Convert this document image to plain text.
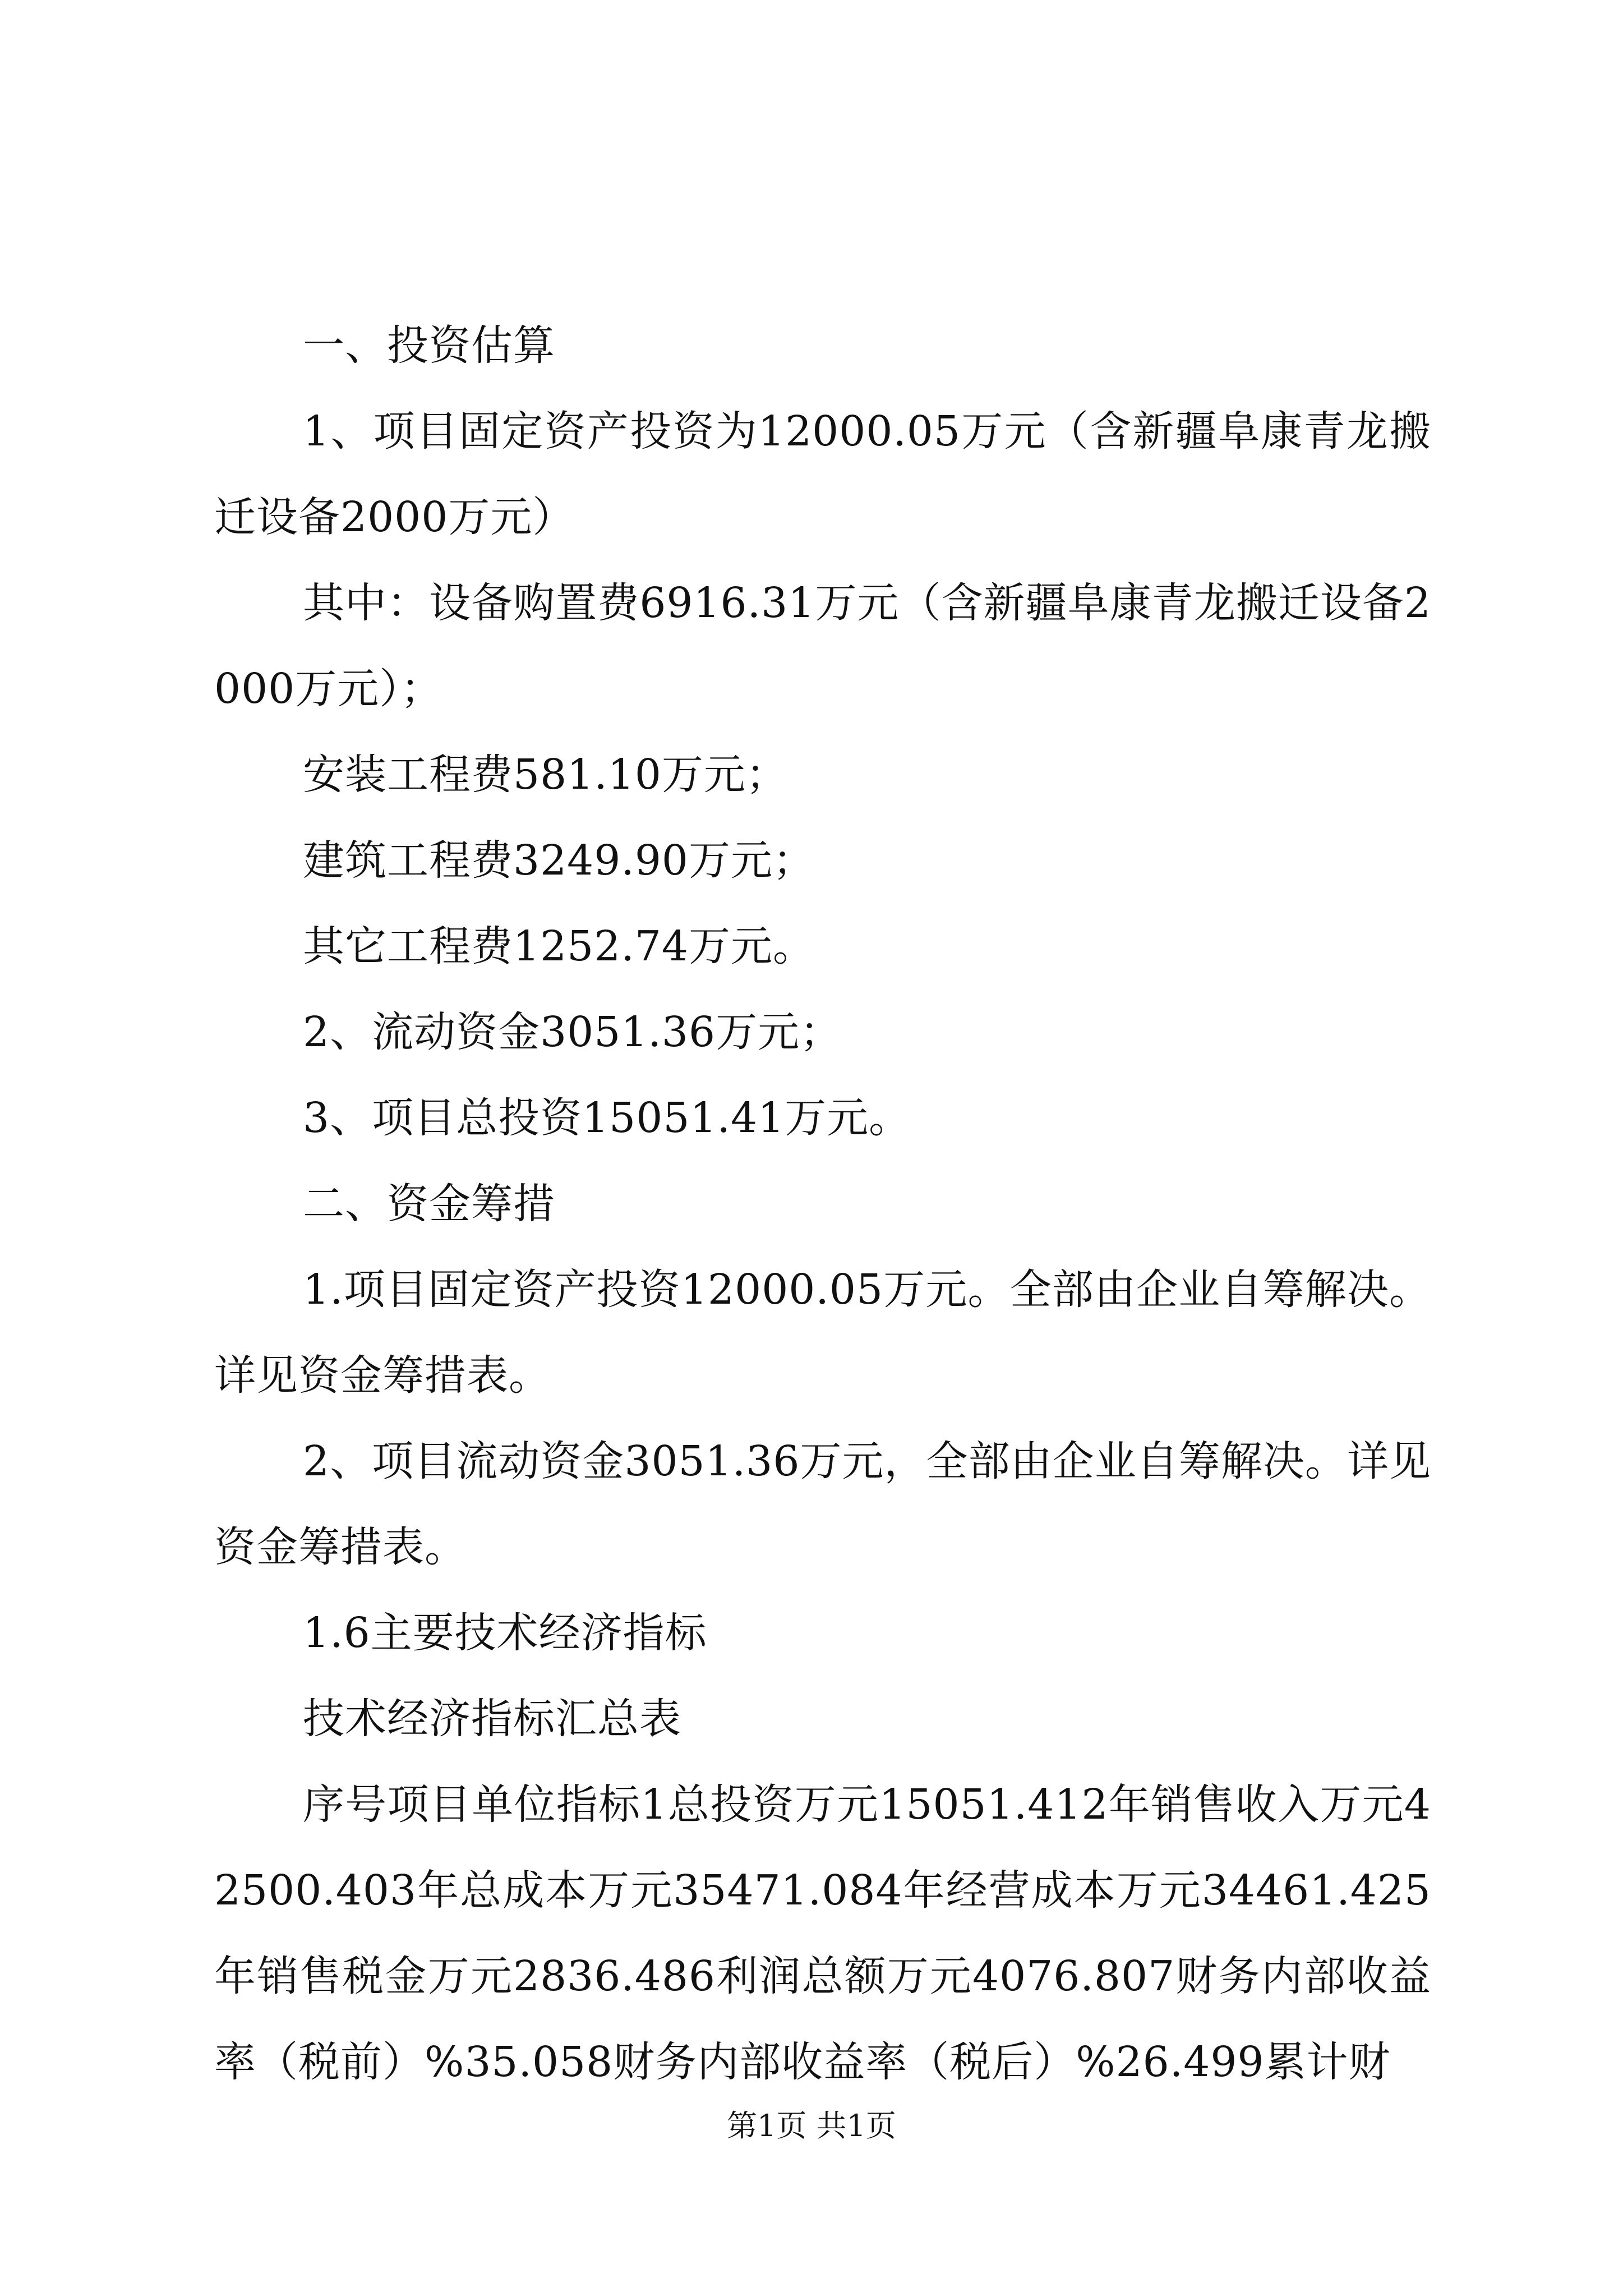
一、投资估算

1、项目固定资产投资为12000.05万元（含新疆阜康青龙搬迁设备2000万元）

其中：设备购置费6916.31万元（含新疆阜康青龙搬迁设备2000万元）；

安装工程费581.10万元；

建筑工程费3249.90万元；

其它工程费1252.74万元。

2、流动资金3051.36万元；

3、项目总投资15051.41万元。

二、资金筹措

1.项目固定资产投资12000.05万元。全部由企业自筹解决。详见资金筹措表。

2、项目流动资金3051.36万元，全部由企业自筹解决。详见资金筹措表。

1.6主要技术经济指标

技术经济指标汇总表

序号项目单位指标1总投资万元15051.412年销售收入万元42500.403年总成本万元35471.084年经营成本万元34461.425年销售税金万元2836.486利润总额万元4076.807财务内部收益率（税前）%35.058财务内部收益率（税后）%26.499累计财

第1页 共1页
